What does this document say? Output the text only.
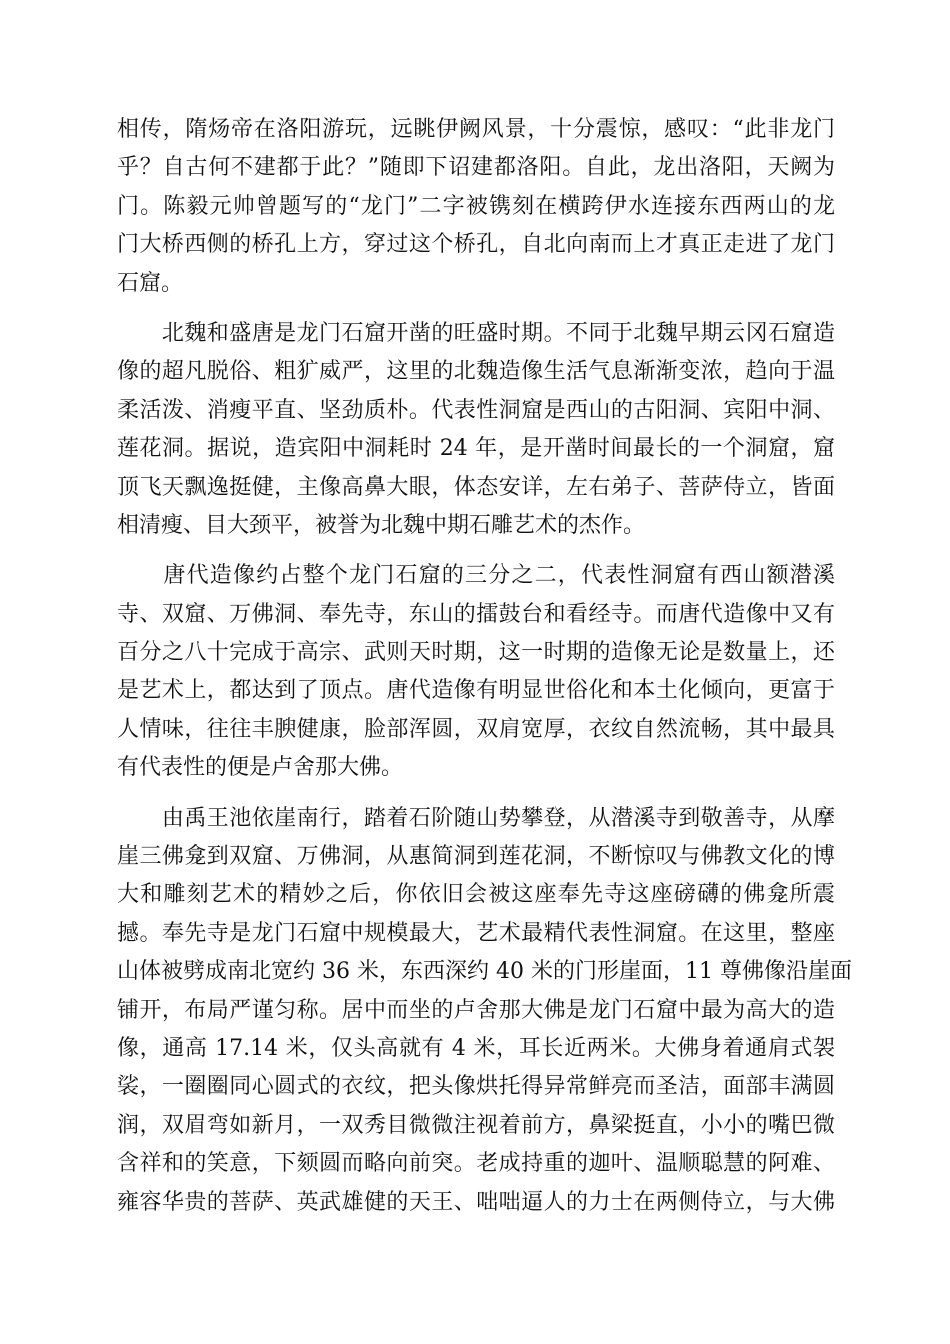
相传，隋炀帝在洛阳游玩，远眺伊阙风景，十分震惊，感叹：“此非龙门
乎？自古何不建都于此？”随即下诏建都洛阳。自此，龙出洛阳，天阙为
门。陈毅元帅曾题写的“龙门”二字被镌刻在横跨伊水连接东西两山的龙
门大桥西侧的桥孔上方，穿过这个桥孔，自北向南而上才真正走进了龙门
石窟。
　　北魏和盛唐是龙门石窟开凿的旺盛时期。不同于北魏早期云冈石窟造
像的超凡脱俗、粗犷威严，这里的北魏造像生活气息渐渐变浓，趋向于温
柔活泼、消瘦平直、坚劲质朴。代表性洞窟是西山的古阳洞、宾阳中洞、
莲花洞。据说，造宾阳中洞耗时 24 年，是开凿时间最长的一个洞窟，窟
顶飞天飘逸挺健，主像高鼻大眼，体态安详，左右弟子、菩萨侍立，皆面
相清瘦、目大颈平，被誉为北魏中期石雕艺术的杰作。
　　唐代造像约占整个龙门石窟的三分之二，代表性洞窟有西山额潜溪
寺、双窟、万佛洞、奉先寺，东山的擂鼓台和看经寺。而唐代造像中又有
百分之八十完成于高宗、武则天时期，这一时期的造像无论是数量上，还
是艺术上，都达到了顶点。唐代造像有明显世俗化和本土化倾向，更富于
人情味，往往丰腴健康，脸部浑圆，双肩宽厚，衣纹自然流畅，其中最具
有代表性的便是卢舍那大佛。
　　由禹王池依崖南行，踏着石阶随山势攀登，从潜溪寺到敬善寺，从摩
崖三佛龛到双窟、万佛洞，从惠简洞到莲花洞，不断惊叹与佛教文化的博
大和雕刻艺术的精妙之后，你依旧会被这座奉先寺这座磅礴的佛龛所震
撼。奉先寺是龙门石窟中规模最大，艺术最精代表性洞窟。在这里，整座
山体被劈成南北宽约 36 米，东西深约 40 米的门形崖面，11 尊佛像沿崖面
铺开，布局严谨匀称。居中而坐的卢舍那大佛是龙门石窟中最为高大的造
像，通高 17.14 米，仅头高就有 4 米，耳长近两米。大佛身着通肩式袈
裟，一圈圈同心圆式的衣纹，把头像烘托得异常鲜亮而圣洁，面部丰满圆
润，双眉弯如新月，一双秀目微微注视着前方，鼻梁挺直，小小的嘴巴微
含祥和的笑意，下颏圆而略向前突。老成持重的迦叶、温顺聪慧的阿难、
雍容华贵的菩萨、英武雄健的天王、咄咄逼人的力士在两侧侍立，与大佛
